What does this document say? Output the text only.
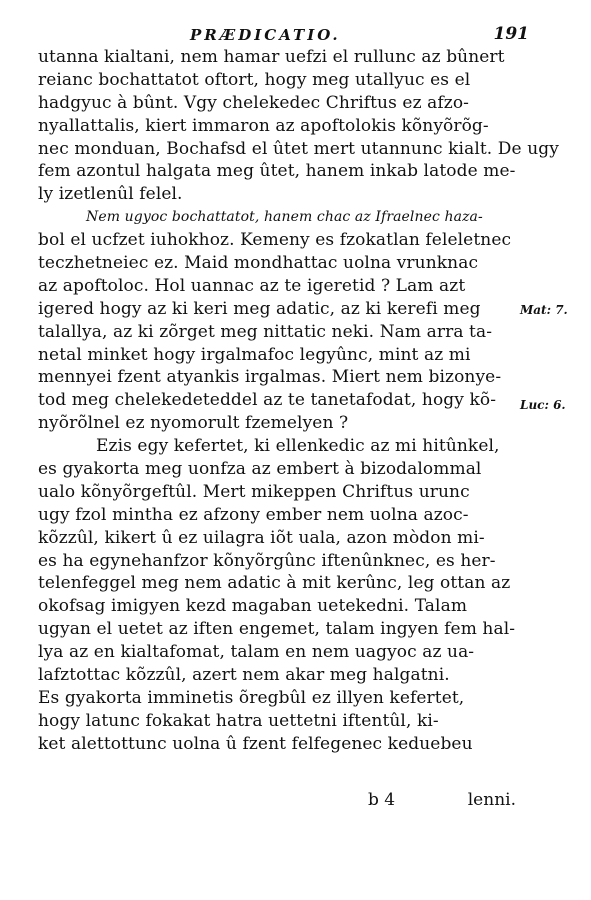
PRÆDICATIO.	191
utanna kialtani, nem hamar uefzi el rullunc az bûnert
reianc bochattatot oftort, hogy meg utallyuc es el
hadgyuc à bûnt. Vgy chelekedec Chriftus ez afzo-
nyallattalis, kiert immaron az apoftolokis kõnyõrõg-
nec monduan, Bochafsd el ûtet mert utannunc kialt. De ugy
fem azontul halgata meg ûtet, hanem inkab latode me-
ly izetlenûl felel.
Nem ugyoc bochattatot, hanem chac az Ifraelnec haza-
bol el ucfzet iuhokhoz. Kemeny es fzokatlan feleletnec
teczhetneiec ez. Maid mondhattac uolna vrunknac
az apoftoloc. Hol uannac az te igeretid ? Lam azt
igered hogy az ki keri meg adatic, az ki kerefi meg
talallya, az ki zõrget meg nittatic neki. Nam arra ta-
netal minket hogy irgalmafoc legyûnc, mint az mi
mennyei fzent atyankis irgalmas. Miert nem bizonye-
tod meg chelekedeteddel az te tanetafodat, hogy kõ-
nyõrõlnel ez nyomorult fzemelyen ?
Ezis egy kefertet, ki ellenkedic az mi hitûnkel,
es gyakorta meg uonfza az embert à bizodalommal
ualo kõnyõrgeftûl. Mert mikeppen Chriftus urunc
ugy fzol mintha ez afzony ember nem uolna azoc-
kõzzûl, kikert û ez uilagra iõt uala, azon mòdon mi-
es ha egynehanfzor kõnyõrgûnc iftenûnknec, es her-
telenfeggel meg nem adatic à mit kerûnc, leg ottan az
okofsag imigyen kezd magaban uetekedni. Talam
ugyan el uetet az iften engemet, talam ingyen fem hal-
lya az en kialtafomat, talam en nem uagyoc az ua-
lafztottac kõzzûl, azert nem akar meg halgatni.
Es gyakorta imminetis õregbûl ez illyen kefertet,
hogy latunc fokakat hatra uettetni iftentûl, ki-
ket alettottunc uolna û fzent felfegenec keduebeu
Mat: 7.
Luc: 6.
b 4	lenni.
